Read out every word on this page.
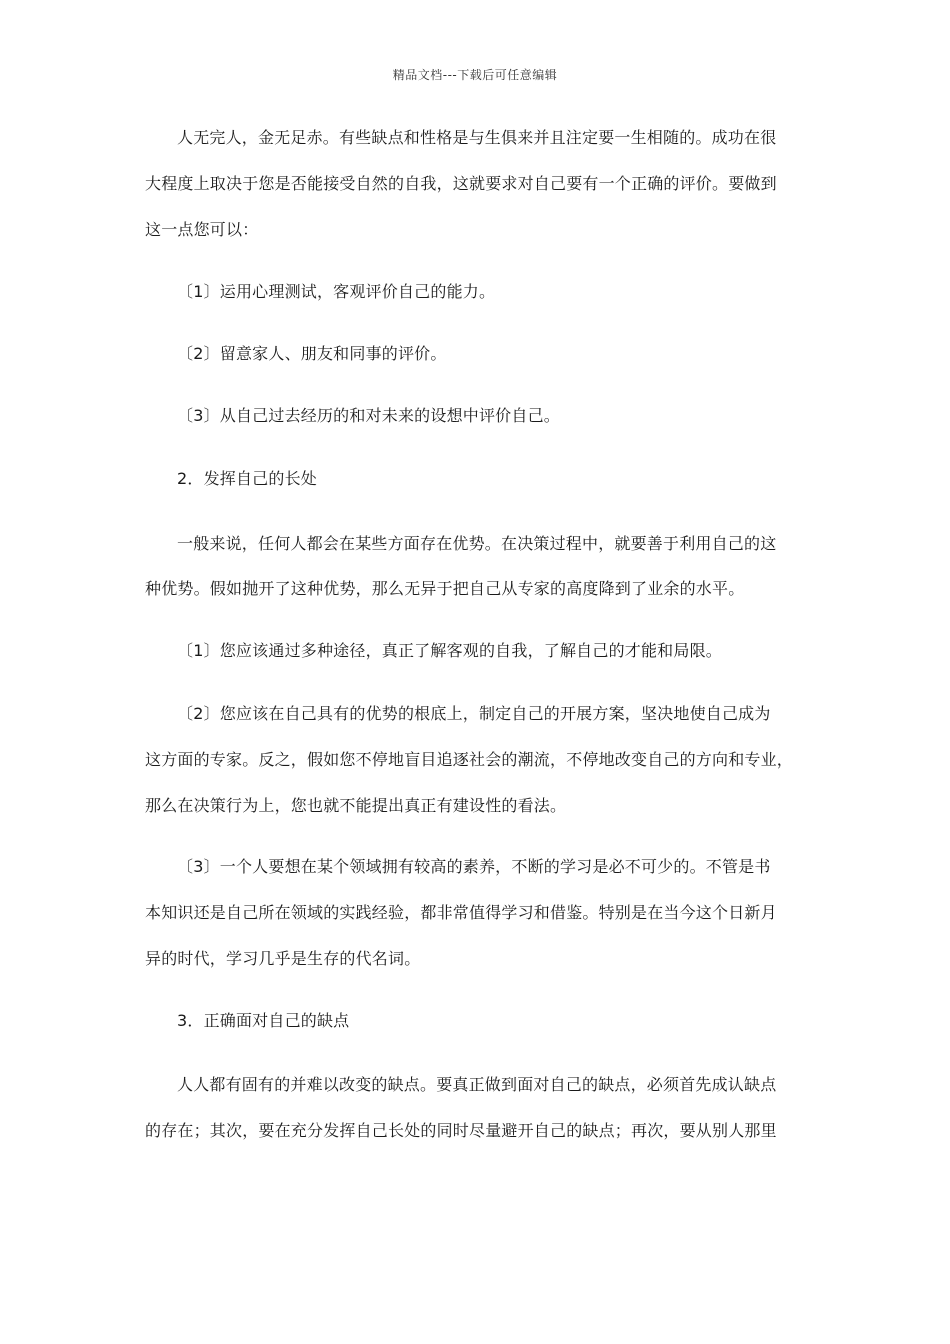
精品文档---下载后可任意编辑
人无完人，金无足赤。有些缺点和性格是与生俱来并且注定要一生相随的。成功在很
大程度上取决于您是否能接受自然的自我，这就要求对自己要有一个正确的评价。要做到
这一点您可以：
〔1〕运用心理测试，客观评价自己的能力。
〔2〕留意家人、朋友和同事的评价。
〔3〕从自己过去经历的和对未来的设想中评价自己。
2．发挥自己的长处
一般来说，任何人都会在某些方面存在优势。在决策过程中，就要善于利用自己的这
种优势。假如抛开了这种优势，那么无异于把自己从专家的高度降到了业余的水平。
〔1〕您应该通过多种途径，真正了解客观的自我，了解自己的才能和局限。
〔2〕您应该在自己具有的优势的根底上，制定自己的开展方案，坚决地使自己成为
这方面的专家。反之，假如您不停地盲目追逐社会的潮流，不停地改变自己的方向和专业，
那么在决策行为上，您也就不能提出真正有建设性的看法。
〔3〕一个人要想在某个领域拥有较高的素养，不断的学习是必不可少的。不管是书
本知识还是自己所在领域的实践经验，都非常值得学习和借鉴。特别是在当今这个日新月
异的时代，学习几乎是生存的代名词。
3．正确面对自己的缺点
人人都有固有的并难以改变的缺点。要真正做到面对自己的缺点，必须首先成认缺点
的存在；其次，要在充分发挥自己长处的同时尽量避开自己的缺点；再次，要从别人那里
